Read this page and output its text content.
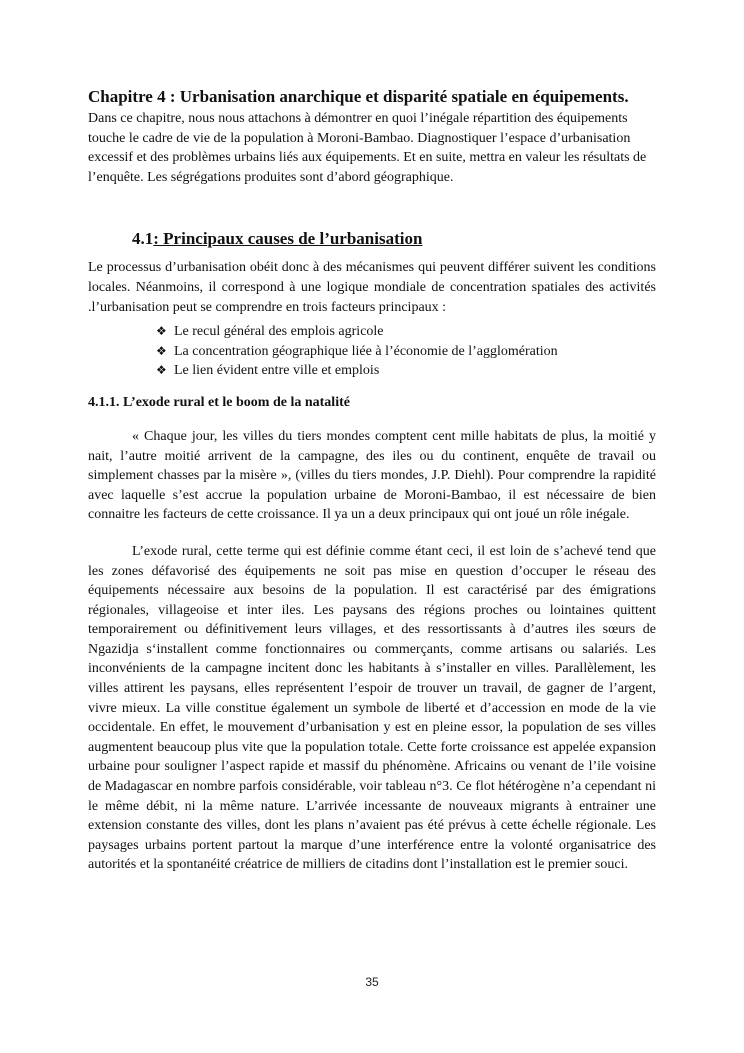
Chapitre 4 : Urbanisation anarchique et disparité spatiale en équipements.

Dans ce chapitre, nous nous attachons à démontrer en quoi l’inégale répartition des équipements touche le cadre de vie de la population à Moroni-Bambao. Diagnostiquer l’espace d’urbanisation excessif et des problèmes urbains liés aux équipements. Et en suite, mettra en valeur les résultats de l’enquête. Les ségrégations produites sont d’abord géographique.

4.1: Principaux causes de l’urbanisation

Le processus d’urbanisation obéit donc à des mécanismes qui peuvent différer suivent les conditions locales. Néanmoins, il correspond à une logique mondiale de concentration spatiales des activités .l’urbanisation peut se comprendre en trois facteurs principaux :

❖ Le recul général des emplois agricole
❖ La concentration géographique liée à l’économie de l’agglomération
❖ Le lien évident entre ville et emplois
4.1.1. L’exode rural et le boom de la natalité

« Chaque jour, les villes du tiers mondes comptent cent mille habitats de plus, la moitié y nait, l’autre moitié arrivent de la campagne, des iles ou du continent, enquête de travail ou simplement chasses par la misère », (villes du tiers mondes, J.P. Diehl). Pour comprendre la rapidité avec laquelle s’est accrue la population urbaine de Moroni-Bambao, il est nécessaire de bien connaitre les facteurs de cette croissance. Il ya un a deux principaux qui ont joué un rôle inégale.

L’exode rural, cette terme qui est définie comme étant ceci, il est loin de s’achevé tend que les zones défavorisé des équipements ne soit pas mise en question d’occuper le réseau des équipements nécessaire aux besoins de la population. Il est caractérisé par des émigrations régionales, villageoise et inter iles. Les paysans des régions proches ou lointaines quittent temporairement ou définitivement leurs villages, et des ressortissants à d’autres iles sœurs de Ngazidja s‘installent comme fonctionnaires ou commerçants, comme artisans ou salariés. Les inconvénients de la campagne incitent donc les habitants à s’installer en villes. Parallèlement, les villes attirent les paysans, elles représentent l’espoir de trouver un travail, de gagner de l’argent, vivre mieux. La ville constitue également un symbole de liberté et d’accession en mode de la vie occidentale. En effet, le mouvement d’urbanisation y est en pleine essor, la population de ses villes augmentent beaucoup plus vite que la population totale. Cette forte croissance est appelée expansion urbaine pour souligner l’aspect rapide et massif du phénomène. Africains ou venant de l’ile voisine de Madagascar en nombre parfois considérable, voir tableau n°3. Ce flot hétérogène n’a cependant ni le même débit, ni la même nature. L’arrivée incessante de nouveaux migrants à entrainer une extension constante des villes, dont les plans n’avaient pas été prévus à cette échelle régionale. Les paysages urbains portent partout la marque d’une interférence entre la volonté organisatrice des autorités et la spontanéité créatrice de milliers de citadins dont l’installation est le premier souci.

35
